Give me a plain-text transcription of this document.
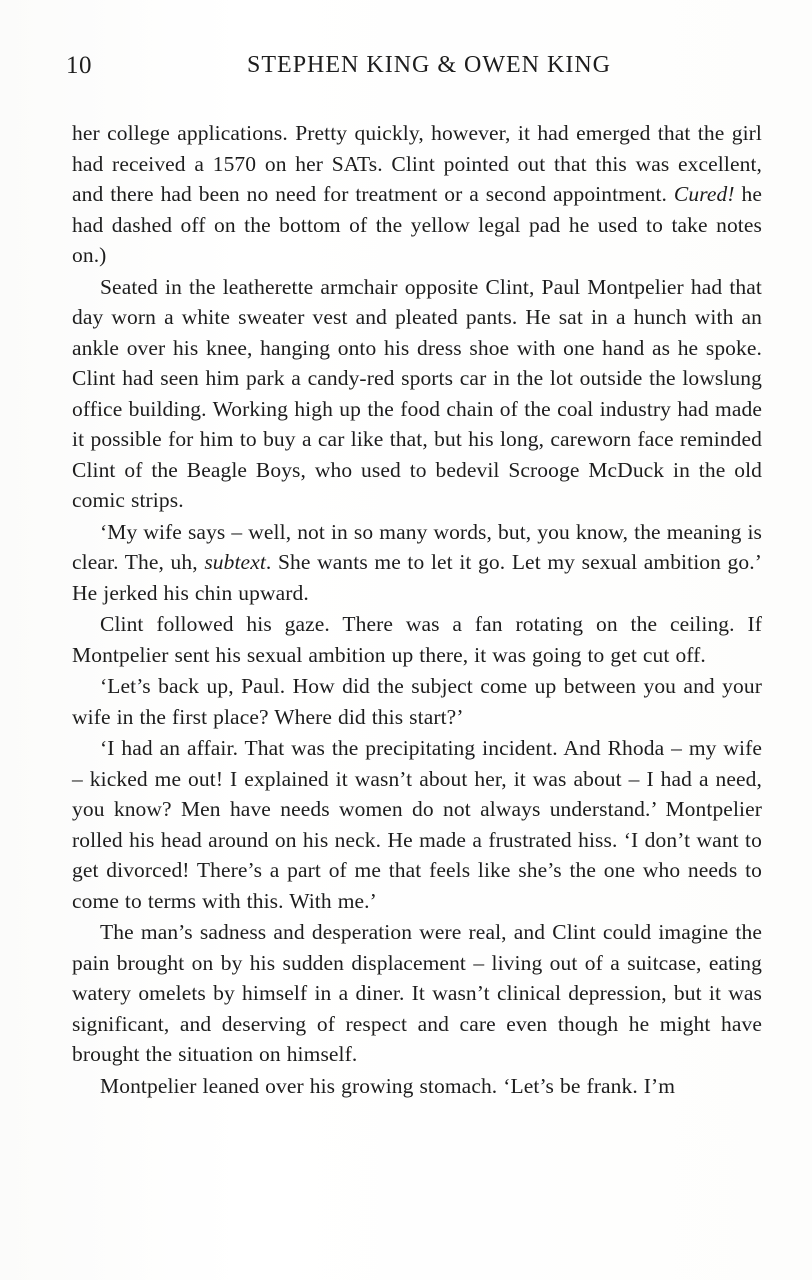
10	STEPHEN KING & OWEN KING

her college applications. Pretty quickly, however, it had emerged that the girl had received a 1570 on her SATs. Clint pointed out that this was excellent, and there had been no need for treatment or a second appointment. Cured! he had dashed off on the bottom of the yellow legal pad he used to take notes on.)

Seated in the leatherette armchair opposite Clint, Paul Montpelier had that day worn a white sweater vest and pleated pants. He sat in a hunch with an ankle over his knee, hanging onto his dress shoe with one hand as he spoke. Clint had seen him park a candy-red sports car in the lot outside the lowslung office building. Working high up the food chain of the coal industry had made it possible for him to buy a car like that, but his long, careworn face reminded Clint of the Beagle Boys, who used to bedevil Scrooge McDuck in the old comic strips.

‘My wife says – well, not in so many words, but, you know, the meaning is clear. The, uh, subtext. She wants me to let it go. Let my sexual ambition go.’ He jerked his chin upward.

Clint followed his gaze. There was a fan rotating on the ceiling. If Montpelier sent his sexual ambition up there, it was going to get cut off.

‘Let’s back up, Paul. How did the subject come up between you and your wife in the first place? Where did this start?’

‘I had an affair. That was the precipitating incident. And Rhoda – my wife – kicked me out! I explained it wasn’t about her, it was about – I had a need, you know? Men have needs women do not always understand.’ Montpelier rolled his head around on his neck. He made a frustrated hiss. ‘I don’t want to get divorced! There’s a part of me that feels like she’s the one who needs to come to terms with this. With me.’

The man’s sadness and desperation were real, and Clint could imagine the pain brought on by his sudden displacement – living out of a suitcase, eating watery omelets by himself in a diner. It wasn’t clinical depression, but it was significant, and deserving of respect and care even though he might have brought the situation on himself.

Montpelier leaned over his growing stomach. ‘Let’s be frank. I’m
